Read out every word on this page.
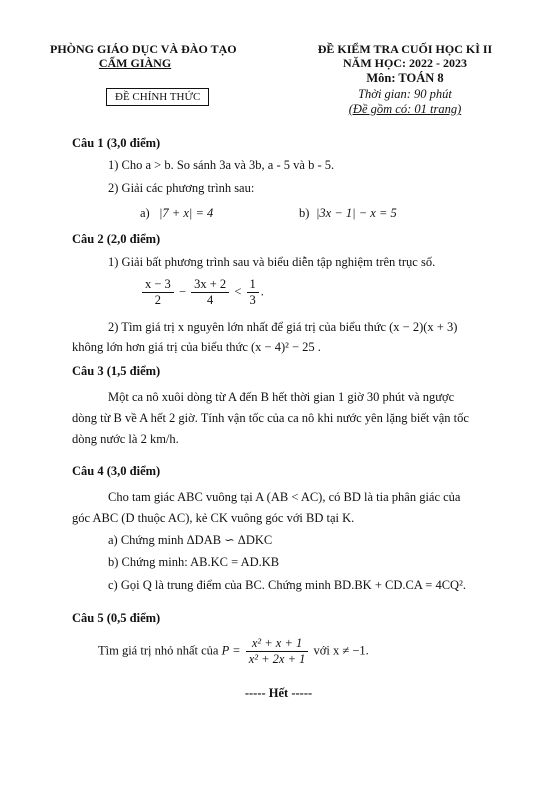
PHÒNG GIÁO DỤC VÀ ĐÀO TẠO
CẨM GIÀNG
ĐỀ CHÍNH THỨC
ĐỀ KIỂM TRA CUỐI HỌC KÌ II
NĂM HỌC: 2022 - 2023
Môn: TOÁN 8
Thời gian: 90 phút
(Đề gồm có: 01 trang)
Câu 1 (3,0 điểm)
1) Cho a > b. So sánh 3a và 3b, a - 5 và b - 5.
2) Giải các phương trình sau:
a) |7 + x| = 4	b) |3x − 1| − x = 5
Câu 2 (2,0 điểm)
1) Giải bất phương trình sau và biểu diễn tập nghiệm trên trục số.
$\frac{x - 3}{2} - \frac{3x + 2}{4} < \frac{1}{3}$ .
2) Tìm giá trị x nguyên lớn nhất để giá trị của biểu thức (x − 2)(x + 3)
không lớn hơn giá trị của biểu thức (x − 4)² − 25 .
Câu 3 (1,5 điểm)
Một ca nô xuôi dòng từ A đến B hết thời gian 1 giờ 30 phút và ngược
dòng từ B về A hết 2 giờ. Tính vận tốc của ca nô khi nước yên lặng biết vận tốc
dòng nước là 2 km/h.
Câu 4 (3,0 điểm)
Cho tam giác ABC vuông tại A (AB < AC), có BD là tia phân giác của
góc ABC (D thuộc AC), kẻ CK vuông góc với BD tại K.
a) Chứng minh ΔDAB ∽ ΔDKC
b) Chứng minh: AB.KC = AD.KB
c) Gọi Q là trung điểm của BC. Chứng minh BD.BK + CD.CA = 4CQ².
Câu 5 (0,5 điểm)
Tìm giá trị nhỏ nhất của $P = \frac{\text{x² + x + 1}}{\text{x² + 2x + 1}}$ với x ≠ −1.
----- Hết -----
